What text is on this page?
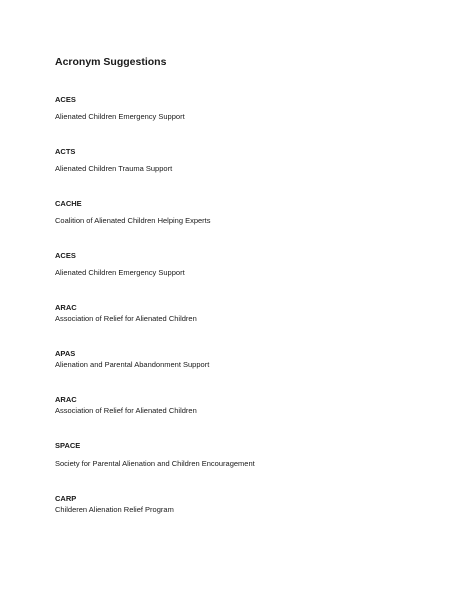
Acronym Suggestions
ACES
Alienated Children Emergency Support
ACTS
Alienated Children Trauma Support
CACHE
Coalition of Alienated Children Helping Experts
ACES
Alienated Children Emergency Support
ARAC
Association of Relief for Alienated Children
APAS
Alienation and Parental Abandonment Support
ARAC
Association of Relief for Alienated Children
SPACE
Society for Parental Alienation and Children Encouragement
CARP
Childeren Alienation Relief Program
